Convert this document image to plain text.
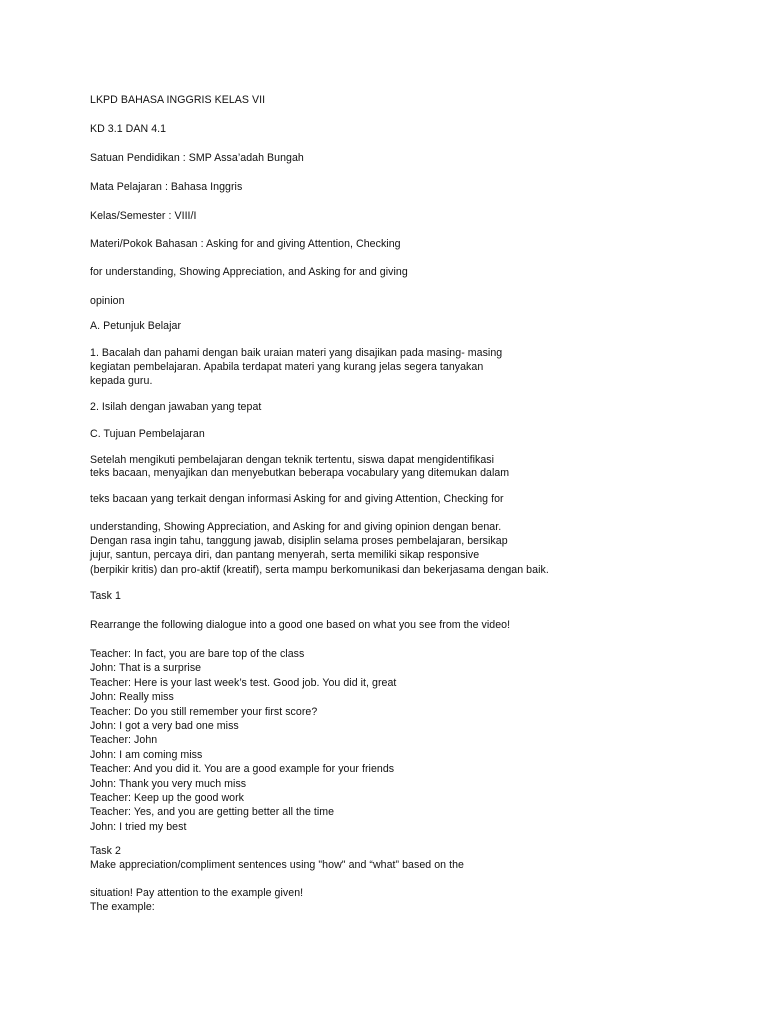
LKPD BAHASA INGGRIS KELAS VII
KD 3.1 DAN 4.1
Satuan Pendidikan : SMP Assa’adah Bungah
Mata Pelajaran : Bahasa Inggris
Kelas/Semester : VIII/I
Materi/Pokok Bahasan : Asking for and giving Attention, Checking
for understanding, Showing Appreciation, and Asking for and giving
opinion
A. Petunjuk Belajar
1. Bacalah dan pahami dengan baik uraian materi yang disajikan pada masing- masing
kegiatan pembelajaran. Apabila terdapat materi yang kurang jelas segera tanyakan
kepada guru.
2. Isilah dengan jawaban yang tepat
C. Tujuan Pembelajaran
Setelah mengikuti pembelajaran dengan teknik tertentu, siswa dapat mengidentifikasi
teks bacaan, menyajikan dan menyebutkan beberapa vocabulary yang ditemukan dalam
teks bacaan yang terkait dengan informasi Asking for and giving Attention, Checking for
understanding, Showing Appreciation, and Asking for and giving opinion dengan benar.
Dengan rasa ingin tahu, tanggung jawab, disiplin selama proses pembelajaran, bersikap
jujur, santun, percaya diri, dan pantang menyerah, serta memiliki sikap responsive
(berpikir kritis) dan pro-aktif (kreatif), serta mampu berkomunikasi dan bekerjasama dengan baik.
Task 1
Rearrange the following dialogue into a good one based on what you see from the video!
Teacher: In fact, you are bare top of the class
John: That is a surprise
Teacher: Here is your last week’s test. Good job. You did it, great
John: Really miss
Teacher: Do you still remember your first score?
John: I got a very bad one miss
Teacher: John
John: I am coming miss
Teacher: And you did it. You are a good example for your friends
John: Thank you very much miss
Teacher: Keep up the good work
Teacher: Yes, and you are getting better all the time
John: I tried my best
Task 2
Make appreciation/compliment sentences using "how" and “what” based on the
situation! Pay attention to the example given!
The example:
